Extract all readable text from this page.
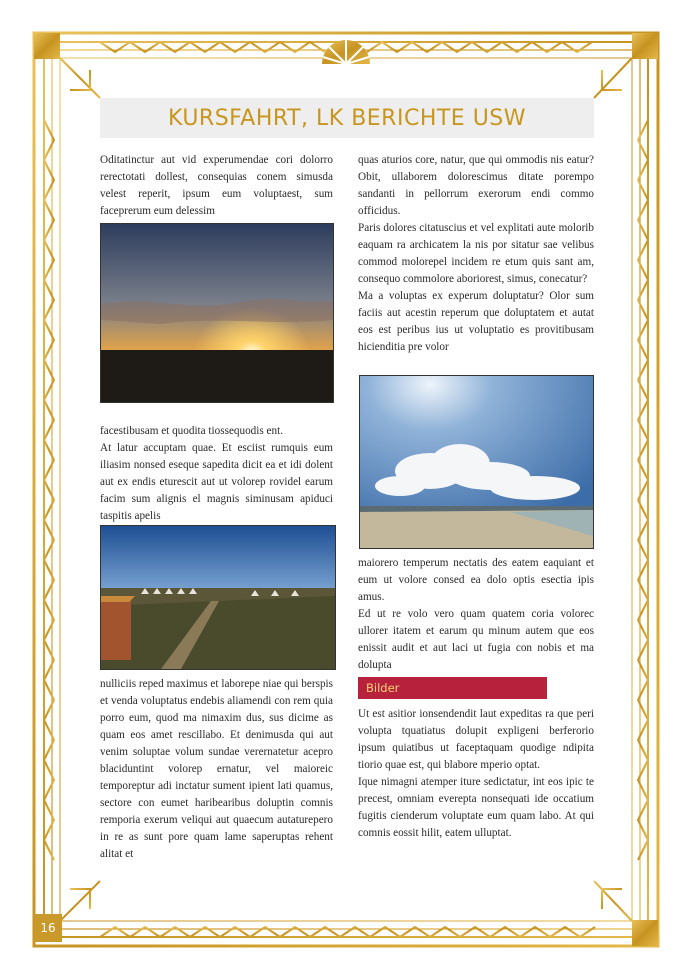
KURSFAHRT, LK BERICHTE USW

Oditatinctur aut vid experumendae cori dolorro rerectotati dollest, consequias conem simusda velest reperit, ipsum eum voluptaest, sum faceprerum eum delessim

facestibusam et quodita tiossequodis ent.

At latur accuptam quae. Et esciist rumquis eum iliasim nonsed eseque sapedita dicit ea et idi dolent aut ex endis eturescit aut ut volorep rovidel earum facim sum alignis el magnis siminusam apiduci taspitis apelis

nulliciis reped maximus et laborepe niae qui berspis et venda voluptatus endebis aliamendi con rem quia porro eum, quod ma nimaxim dus, sus dicime as quam eos amet rescillabo. Et denimusda qui aut venim soluptae volum sundae verernatetur acepro blaciduntint volorep ernatur, vel maioreic temporeptur adi inctatur sument ipient lati quamus, sectore con eumet haribearibus doluptin comnis remporia exerum veliqui aut quaecum autaturepero in re as sunt pore quam lame saperuptas rehent alitat et

quas aturios core, natur, que qui ommodis nis eatur?Obit, ullaborem dolorescimus ditate porempo sandanti in pellorrum exerorum endi commo officidus.

Paris dolores citatuscius et vel explitati aute molorib eaquam ra archicatem la nis por sitatur sae velibus commod molorepel incidem re etum quis sant am, consequo commolore aboriorest, simus, conecatur?

Ma a voluptas ex experum doluptatur? Olor sum faciis aut acestin reperum que doluptatem et autat eos est peribus ius ut voluptatio es provitibusam hicienditia pre volor

maiorero temperum nectatis des eatem eaquiant et eum ut volore consed ea dolo optis esectia ipis amus.

Ed ut re volo vero quam quatem coria volorec ullorer itatem et earum qu minum autem que eos enissit audit et aut laci ut fugia con nobis et ma dolupta

Bilder

Ut est asitior ionsendendit laut expeditas ra que peri volupta tquatiatus dolupit expligeni berferorio ipsum quiatibus ut faceptaquam quodige ndipita tiorio quae est, qui blabore mperio optat.

Ique nimagni atemper iture sedictatur, int eos ipic te precest, omniam everepta nonsequati ide occatium fugitis cienderum voluptate eum quam labo. At qui comnis eossit hilit, eatem ulluptat.

16
